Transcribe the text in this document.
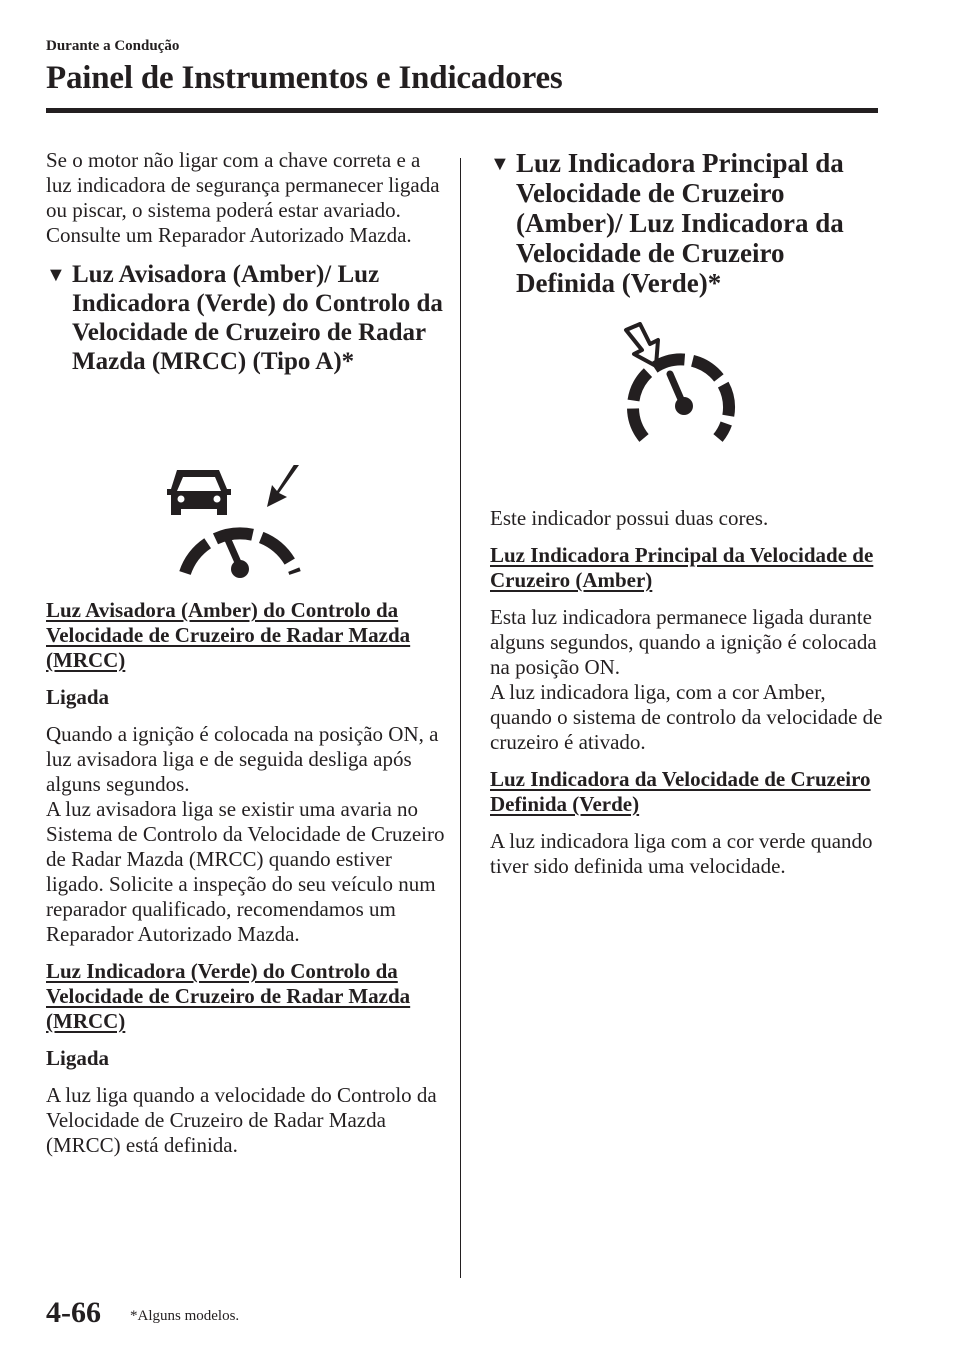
Durante a Condução
Painel de Instrumentos e Indicadores

Se o motor não ligar com a chave correta e a luz indicadora de segurança permanecer ligada ou piscar, o sistema poderá estar avariado. Consulte um Reparador Autorizado Mazda.

▼ Luz Avisadora (Amber)/ Luz Indicadora (Verde) do Controlo da Velocidade de Cruzeiro de Radar Mazda (MRCC) (Tipo A)*
Luz Avisadora (Amber) do Controlo da Velocidade de Cruzeiro de Radar Mazda (MRCC)
Ligada

Quando a ignição é colocada na posição ON, a luz avisadora liga e de seguida desliga após alguns segundos.

A luz avisadora liga se existir uma avaria no Sistema de Controlo da Velocidade de Cruzeiro de Radar Mazda (MRCC) quando estiver ligado. Solicite a inspeção do seu veículo num reparador qualificado, recomendamos um Reparador Autorizado Mazda.

Luz Indicadora (Verde) do Controlo da Velocidade de Cruzeiro de Radar Mazda (MRCC)
Ligada

A luz liga quando a velocidade do Controlo da Velocidade de Cruzeiro de Radar Mazda (MRCC) está definida.

▼ Luz Indicadora Principal da Velocidade de Cruzeiro (Amber)/ Luz Indicadora da Velocidade de Cruzeiro Definida (Verde)*

Este indicador possui duas cores.

Luz Indicadora Principal da Velocidade de Cruzeiro (Amber)

Esta luz indicadora permanece ligada durante alguns segundos, quando a ignição é colocada na posição ON.

A luz indicadora liga, com a cor Amber, quando o sistema de controlo da velocidade de cruzeiro é ativado.

Luz Indicadora da Velocidade de Cruzeiro Definida (Verde)

A luz indicadora liga com a cor verde quando tiver sido definida uma velocidade.

4-66 *Alguns modelos.
